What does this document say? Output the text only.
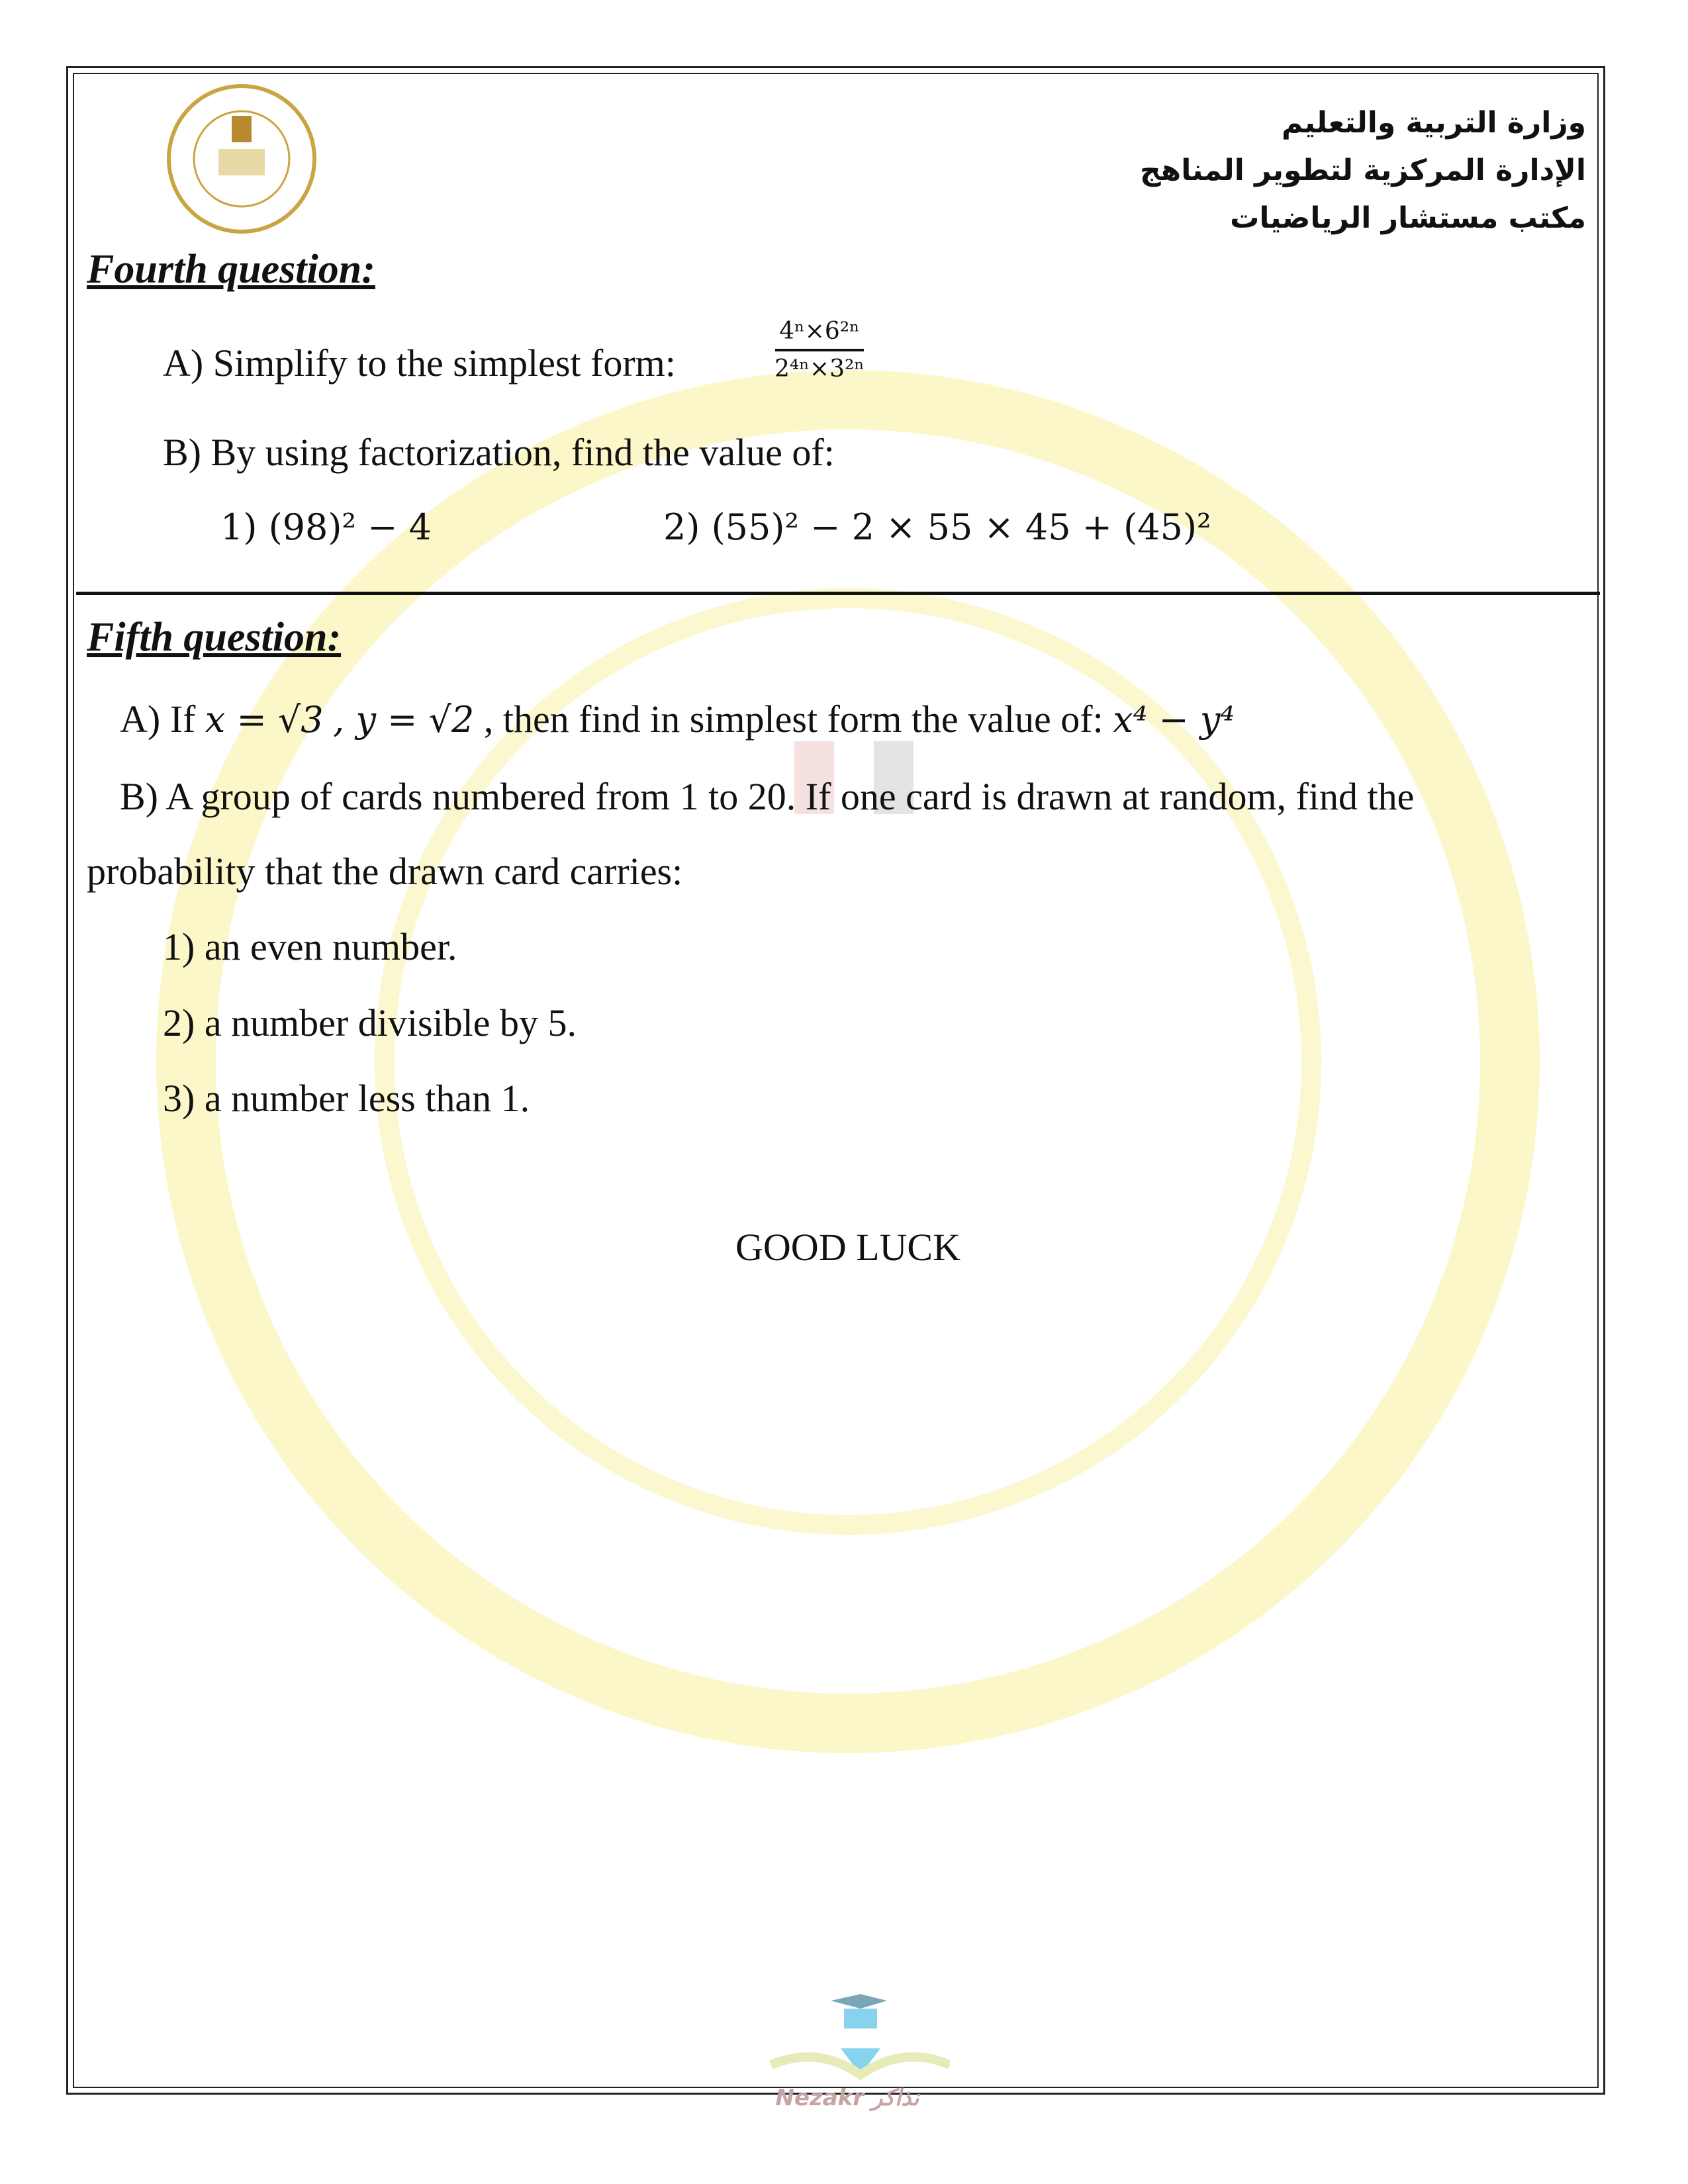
وزارة التربية والتعليم
الإدارة المركزية لتطوير المناهج
مكتب مستشار الرياضيات
Fourth question:
A) Simplify to the simplest form:	$\frac{\text{4ⁿ×6²ⁿ}}{\text{2⁴ⁿ×3²ⁿ}}$
B) By using factorization, find the value of:
1) (98)² − 4	2) (55)² − 2 × 55 × 45 + (45)²
Fifth question:
A) If x = √3 , y = √2 , then find in simplest form the value of: x⁴ − y⁴
B) A group of cards numbered from 1 to 20. If one card is drawn at random, find the
probability that the drawn card carries:
1) an even number.
2) a number divisible by 5.
3) a number less than 1.
GOOD LUCK
Nezakr نذاكر
